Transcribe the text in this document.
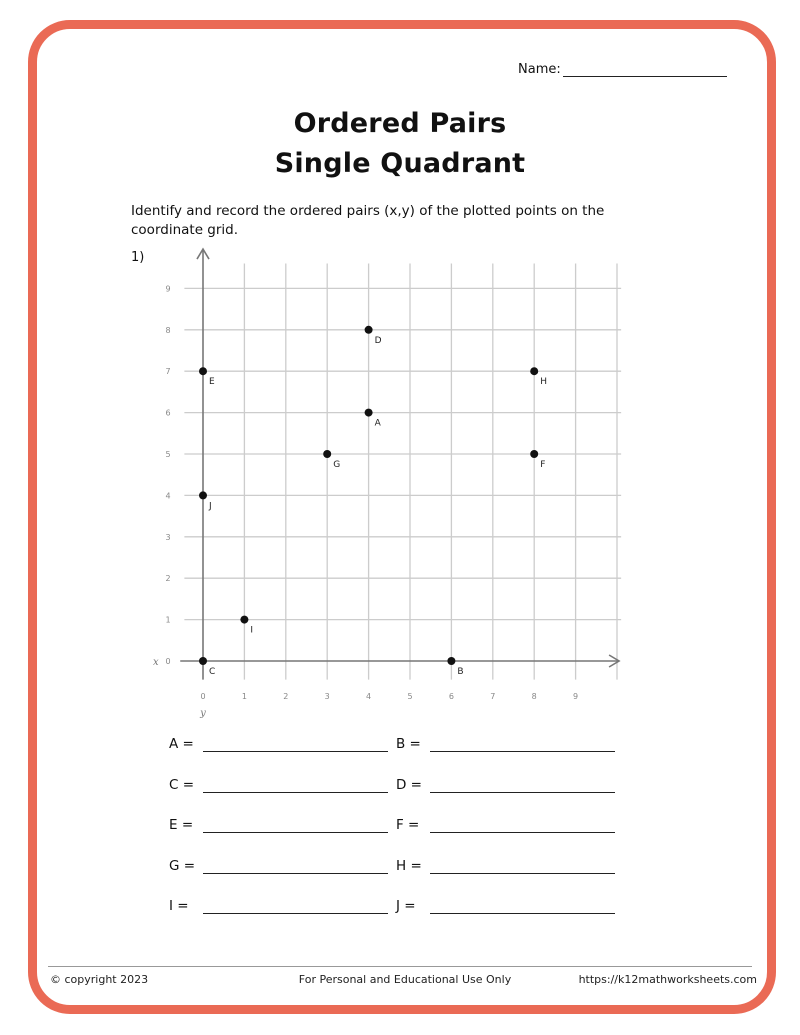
Name:
Ordered Pairs
Single Quadrant
Identify and record the ordered pairs (x,y) of the plotted points on the coordinate grid.
1)
0	1	2	3	4	5	6	7	8	9
0
1
2
3
4
5
6
7
8
9
x
y
A
B
C
D
E
F
G
H
I
J
A =	B =
C =	D =
E =	F =
G =	H =
I =	J =
© copyright 2023	For Personal and Educational Use Only	https://k12mathworksheets.com
